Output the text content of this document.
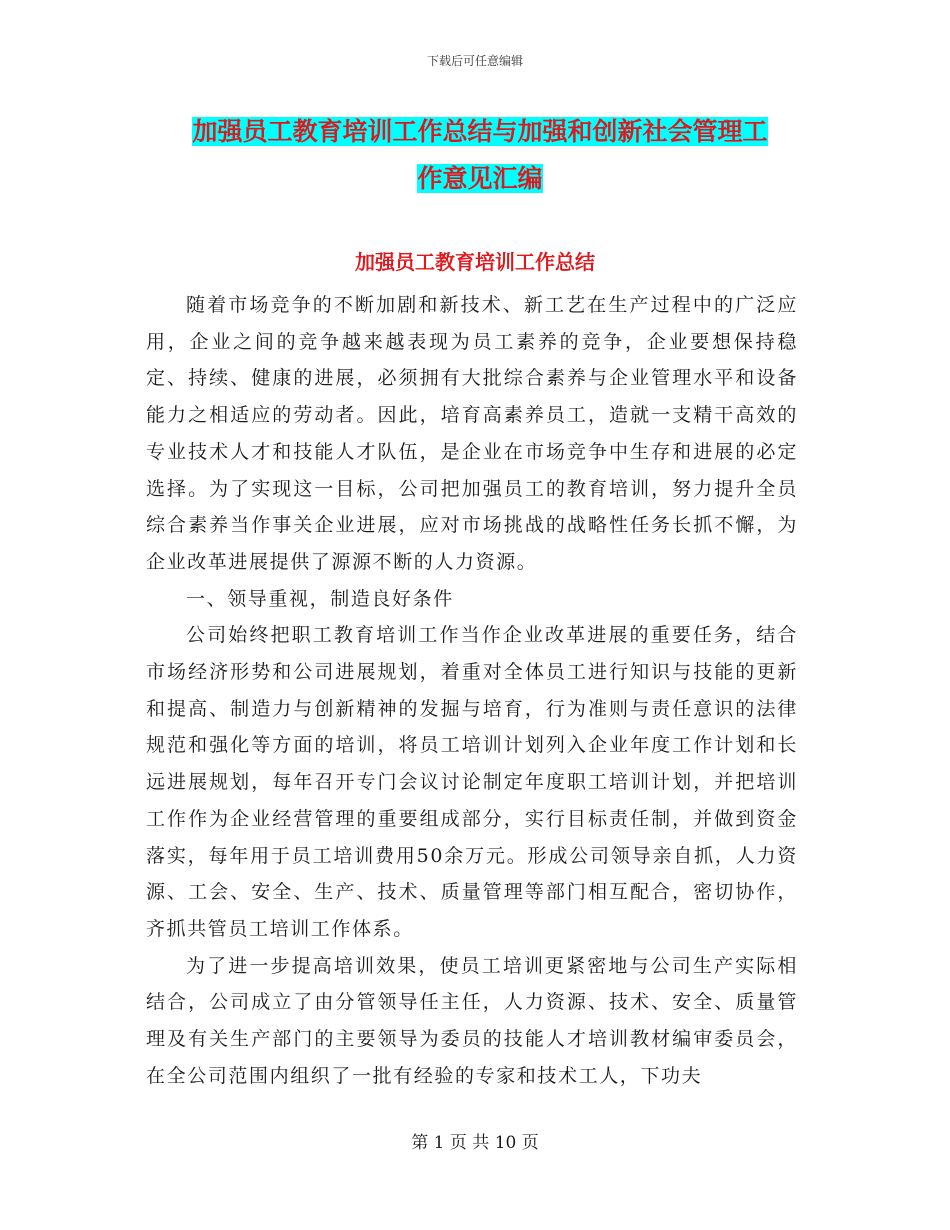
下载后可任意编辑
加强员工教育培训工作总结与加强和创新社会管理工
作意见汇编
加强员工教育培训工作总结

随着市场竞争的不断加剧和新技术、新工艺在生产过程中的广泛应用，企业之间的竞争越来越表现为员工素养的竞争，企业要想保持稳定、持续、健康的进展，必须拥有大批综合素养与企业管理水平和设备能力之相适应的劳动者。因此，培育高素养员工，造就一支精干高效的专业技术人才和技能人才队伍，是企业在市场竞争中生存和进展的必定选择。为了实现这一目标，公司把加强员工的教育培训，努力提升全员综合素养当作事关企业进展，应对市场挑战的战略性任务长抓不懈，为企业改革进展提供了源源不断的人力资源。

一、领导重视，制造良好条件

公司始终把职工教育培训工作当作企业改革进展的重要任务，结合市场经济形势和公司进展规划，着重对全体员工进行知识与技能的更新和提高、制造力与创新精神的发掘与培育，行为准则与责任意识的法律规范和强化等方面的培训，将员工培训计划列入企业年度工作计划和长远进展规划，每年召开专门会议讨论制定年度职工培训计划，并把培训工作作为企业经营管理的重要组成部分，实行目标责任制，并做到资金落实，每年用于员工培训费用50余万元。形成公司领导亲自抓，人力资源、工会、安全、生产、技术、质量管理等部门相互配合，密切协作，齐抓共管员工培训工作体系。

为了进一步提高培训效果，使员工培训更紧密地与公司生产实际相结合，公司成立了由分管领导任主任，人力资源、技术、安全、质量管理及有关生产部门的主要领导为委员的技能人才培训教材编审委员会，在全公司范围内组织了一批有经验的专家和技术工人，下功夫

第 1 页 共 10 页
